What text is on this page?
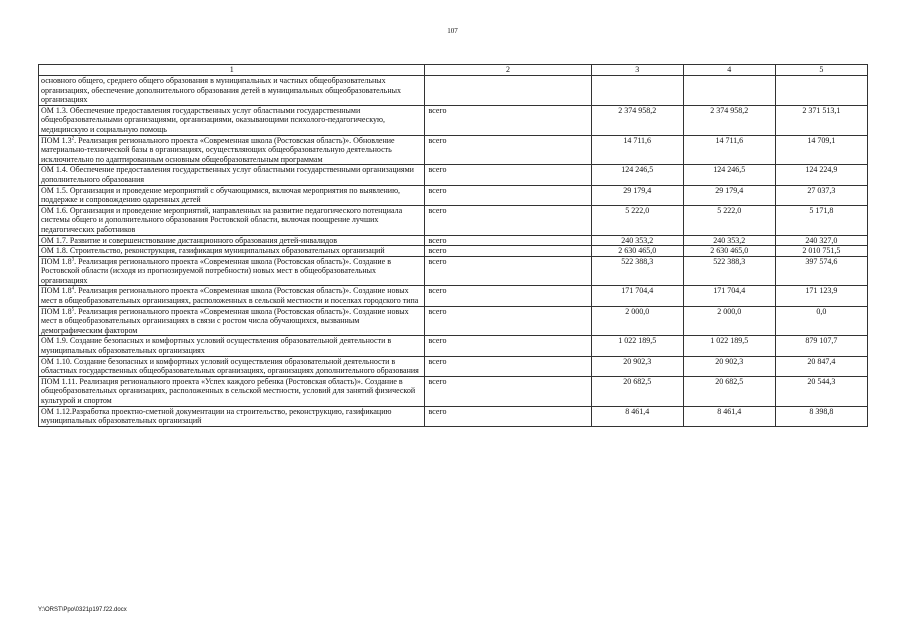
107
1	2	3	4	5
основного общего, среднего общего образования в муниципальных и частных общеобразовательных организациях, обеспечение дополнительного образования детей в муниципальных общеобразовательных организациях				
ОМ 1.3. Обеспечение предоставления государственных услуг областными государственными общеобразовательными организациями, организациями, оказывающими психолого-педагогическую, медицинскую и социальную помощь	всего	2 374 958,2	2 374 958,2	2 371 513,1
ПОМ $1.3^2$. Реализация регионального проекта «Современная школа (Ростовская область)». Обновление материально-технической базы в организациях, осуществляющих общеобразовательную деятельность исключительно по адаптированным основным общеобразовательным программам	всего	14 711,6	14 711,6	14 709,1
ОМ 1.4. Обеспечение предоставления государственных услуг областными государственными организациями дополнительного образования	всего	124 246,5	124 246,5	124 224,9
ОМ 1.5. Организация и проведение мероприятий с обучающимися, включая мероприятия по выявлению, поддержке и сопровождению одаренных детей	всего	29 179,4	29 179,4	27 037,3
ОМ 1.6. Организация и проведение мероприятий, направленных на развитие педагогического потенциала системы общего и дополнительного образования Ростовской области, включая поощрение лучших педагогических работников	всего	5 222,0	5 222,0	5 171,8
ОМ 1.7. Развитие и совершенствование дистанционного образования детей-инвалидов	всего	240 353,2	240 353,2	240 327,0
ОМ 1.8. Строительство, реконструкция, газификация муниципальных образовательных организаций	всего	2 630 465,0	2 630 465,0	2 010 751,5
ПОМ $1.8^3$. Реализация регионального проекта «Современная школа (Ростовская область)». Создание в Ростовской области (исходя из прогнозируемой потребности) новых мест в общеобразовательных организациях	всего	522 388,3	522 388,3	397 574,6
ПОМ $1.8^4$. Реализация регионального проекта «Современная школа (Ростовская область)». Создание новых мест в общеобразовательных организациях, расположенных в сельской местности и поселках городского типа	всего	171 704,4	171 704,4	171 123,9
ПОМ $1.8^5$. Реализация регионального проекта «Современная школа (Ростовская область)». Создание новых мест в общеобразовательных организациях в связи с ростом числа обучающихся, вызванным демографическим фактором	всего	2 000,0	2 000,0	0,0
ОМ 1.9. Создание безопасных и комфортных условий осуществления образовательной деятельности в муниципальных образовательных организациях	всего	1 022 189,5	1 022 189,5	879 107,7
ОМ 1.10. Создание безопасных и комфортных условий осуществления образовательной деятельности в областных государственных общеобразовательных организациях, организациях дополнительного образования	всего	20 902,3	20 902,3	20 847,4
ПОМ 1.11. Реализация регионального проекта «Успех каждого ребенка (Ростовская область)». Создание в общеобразовательных организациях, расположенных в сельской местности, условий для занятий физической культурой и спортом	всего	20 682,5	20 682,5	20 544,3
ОМ 1.12.Разработка проектно-сметной документации на строительство, реконструкцию, газификацию муниципальных образовательных организаций	всего	8 461,4	8 461,4	8 398,8
Y:\ORST\Ppo\0321p197.f22.docx
